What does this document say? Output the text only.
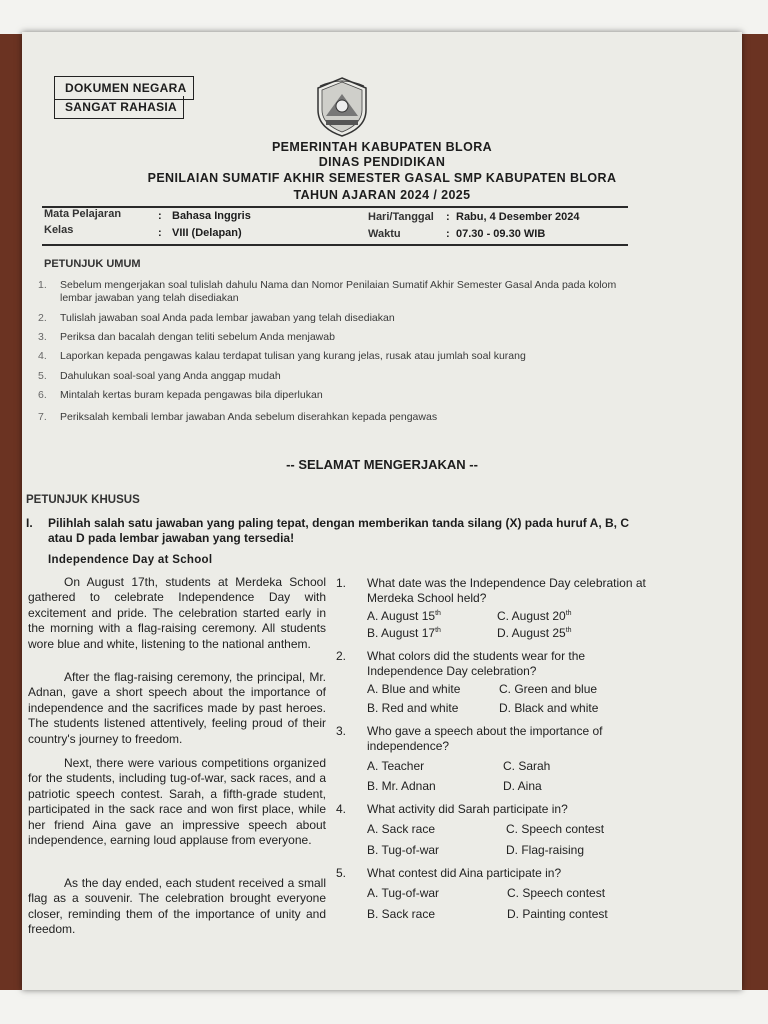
DOKUMEN NEGARA
SANGAT RAHASIA
PEMERINTAH KABUPATEN BLORA
DINAS PENDIDIKAN
PENILAIAN SUMATIF AKHIR SEMESTER GASAL SMP KABUPATEN BLORA
TAHUN AJARAN 2024 / 2025
Mata Pelajaran	: Bahasa Inggris
Kelas	: VIII (Delapan)
Hari/Tanggal : Rabu, 4 Desember 2024
Waktu	: 07.30 - 09.30 WIB
PETUNJUK UMUM
1. Sebelum mengerjakan soal tulislah dahulu Nama dan Nomor Penilaian Sumatif Akhir Semester Gasal Anda pada kolom lembar jawaban yang telah disediakan
2. Tulislah jawaban soal Anda pada lembar jawaban yang telah disediakan
3. Periksa dan bacalah dengan teliti sebelum Anda menjawab
4. Laporkan kepada pengawas kalau terdapat tulisan yang kurang jelas, rusak atau jumlah soal kurang
5. Dahulukan soal-soal yang Anda anggap mudah
6. Mintalah kertas buram kepada pengawas bila diperlukan
7. Periksalah kembali lembar jawaban Anda sebelum diserahkan kepada pengawas
-- SELAMAT MENGERJAKAN --
PETUNJUK KHUSUS
I. Pilihlah salah satu jawaban yang paling tepat, dengan memberikan tanda silang (X) pada huruf A, B, C atau D pada lembar jawaban yang tersedia!
Independence Day at School

On August 17th, students at Merdeka School gathered to celebrate Independence Day with excitement and pride. The celebration started early in the morning with a flag-raising ceremony. All students wore blue and white, listening to the national anthem.

After the flag-raising ceremony, the principal, Mr. Adnan, gave a short speech about the importance of independence and the sacrifices made by past heroes. The students listened attentively, feeling proud of their country's journey to freedom.

Next, there were various competitions organized for the students, including tug-of-war, sack races, and a patriotic speech contest. Sarah, a fifth-grade student, participated in the sack race and won first place, while her friend Aina gave an impressive speech about independence, earning loud applause from everyone.

As the day ended, each student received a small flag as a souvenir. The celebration brought everyone closer, reminding them of the importance of unity and freedom.

1. What date was the Independence Day celebration at Merdeka School held?
A. August 15th	C. August 20th
B. August 17th	D. August 25th
2. What colors did the students wear for the Independence Day celebration?
A. Blue and white	C. Green and blue
B. Red and white	D. Black and white
3. Who gave a speech about the importance of independence?
A. Teacher	C. Sarah
B. Mr. Adnan	D. Aina
4. What activity did Sarah participate in?
A. Sack race	C. Speech contest
B. Tug-of-war	D. Flag-raising
5. What contest did Aina participate in?
A. Tug-of-war	C. Speech contest
B. Sack race	D. Painting contest
